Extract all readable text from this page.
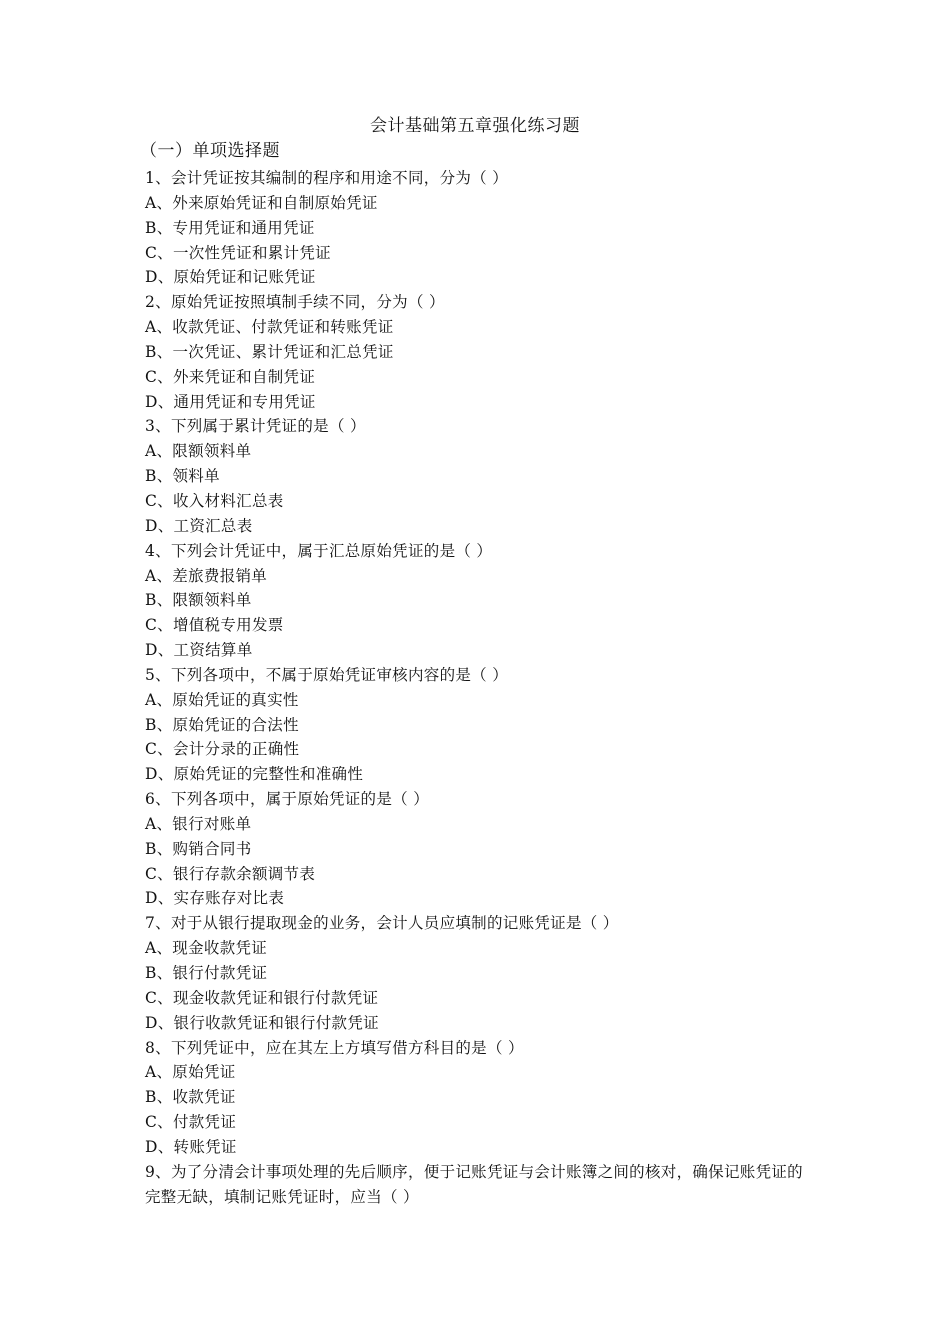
会计基础第五章强化练习题
（一）单项选择题
1、会计凭证按其编制的程序和用途不同，分为（ ）
A、外来原始凭证和自制原始凭证
B、专用凭证和通用凭证
C、一次性凭证和累计凭证
D、原始凭证和记账凭证
2、原始凭证按照填制手续不同，分为（ ）
A、收款凭证、付款凭证和转账凭证
B、一次凭证、累计凭证和汇总凭证
C、外来凭证和自制凭证
D、通用凭证和专用凭证
3、下列属于累计凭证的是（ ）
A、限额领料单
B、领料单
C、收入材料汇总表
D、工资汇总表
4、下列会计凭证中，属于汇总原始凭证的是（ ）
A、差旅费报销单
B、限额领料单
C、增值税专用发票
D、工资结算单
5、下列各项中，不属于原始凭证审核内容的是（ ）
A、原始凭证的真实性
B、原始凭证的合法性
C、会计分录的正确性
D、原始凭证的完整性和准确性
6、下列各项中，属于原始凭证的是（ ）
A、银行对账单
B、购销合同书
C、银行存款余额调节表
D、实存账存对比表
7、对于从银行提取现金的业务，会计人员应填制的记账凭证是（ ）
A、现金收款凭证
B、银行付款凭证
C、现金收款凭证和银行付款凭证
D、银行收款凭证和银行付款凭证
8、下列凭证中，应在其左上方填写借方科目的是（ ）
A、原始凭证
B、收款凭证
C、付款凭证
D、转账凭证
9、为了分清会计事项处理的先后顺序，便于记账凭证与会计账簿之间的核对，确保记账凭证的完整无缺，填制记账凭证时，应当（ ）
